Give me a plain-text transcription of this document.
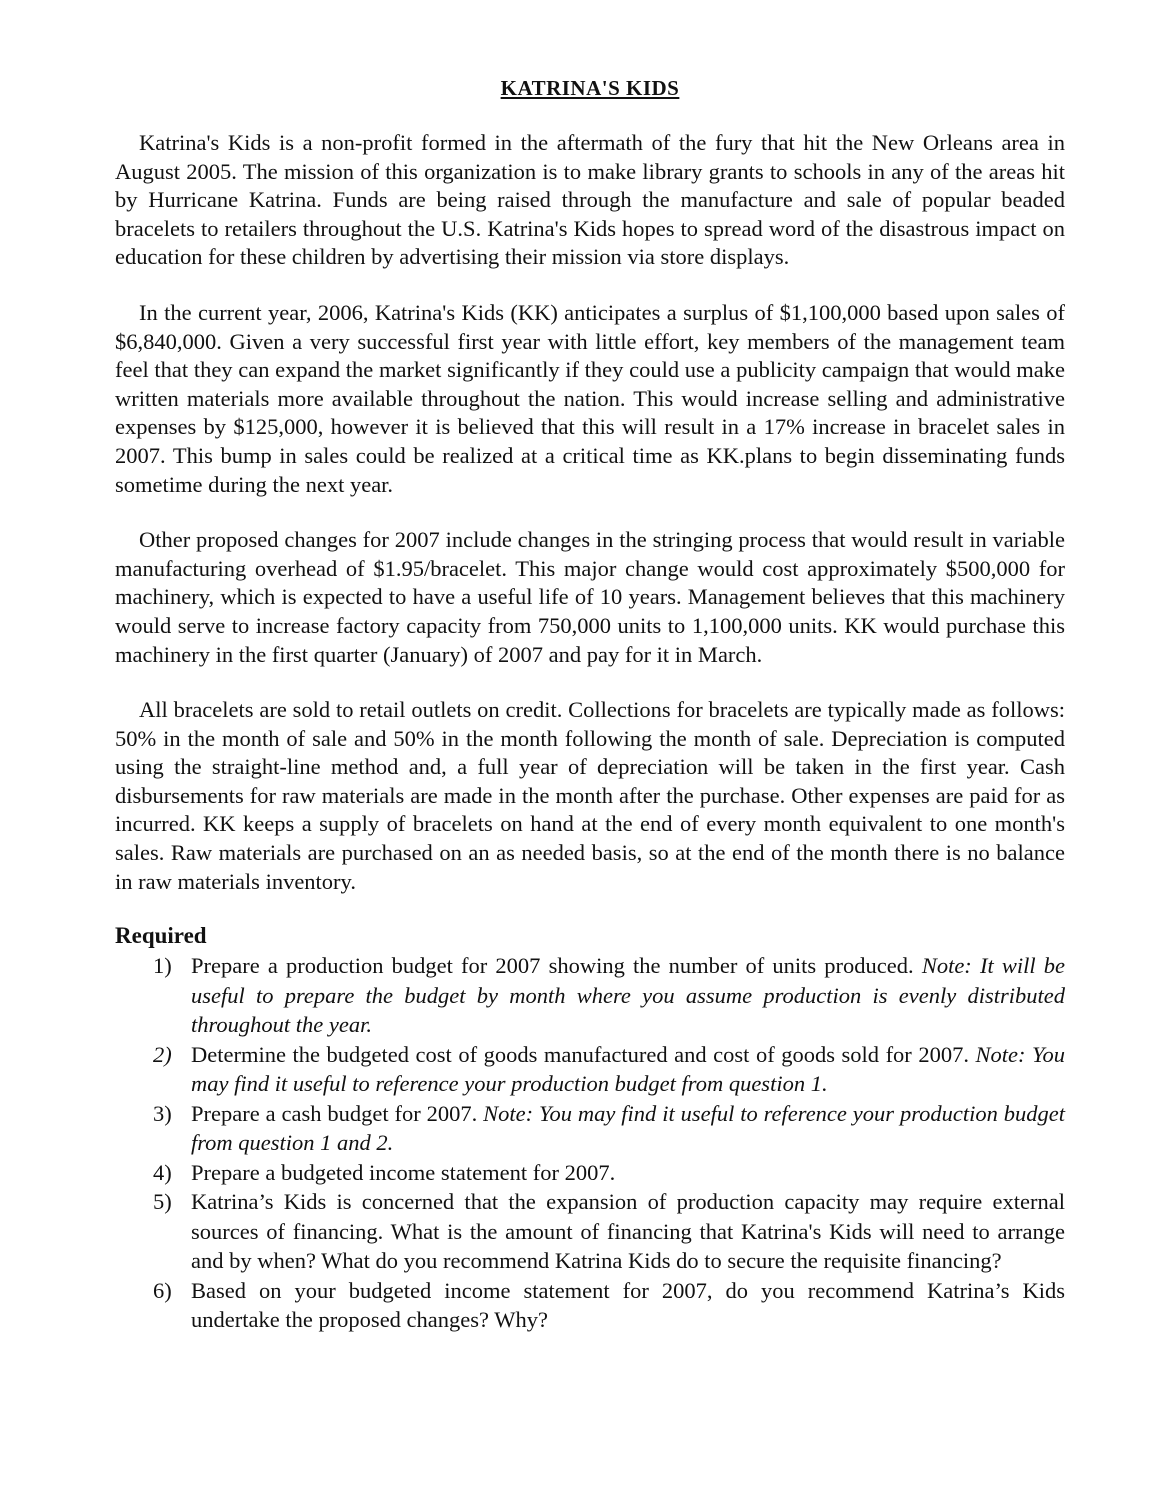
KATRINA'S KIDS

Katrina's Kids is a non-profit formed in the aftermath of the fury that hit the New Orleans area in August 2005. The mission of this organization is to make library grants to schools in any of the areas hit by Hurricane Katrina. Funds are being raised through the manufacture and sale of popular beaded bracelets to retailers throughout the U.S. Katrina's Kids hopes to spread word of the disastrous impact on education for these children by advertising their mission via store displays.

In the current year, 2006, Katrina's Kids (KK) anticipates a surplus of $1,100,000 based upon sales of $6,840,000. Given a very successful first year with little effort, key members of the management team feel that they can expand the market significantly if they could use a publicity campaign that would make written materials more available throughout the nation. This would increase selling and administrative expenses by $125,000, however it is believed that this will result in a 17% increase in bracelet sales in 2007. This bump in sales could be realized at a critical time as KK.plans to begin disseminating funds sometime during the next year.

Other proposed changes for 2007 include changes in the stringing process that would result in variable manufacturing overhead of $1.95/bracelet. This major change would cost approximately $500,000 for machinery, which is expected to have a useful life of 10 years. Management believes that this machinery would serve to increase factory capacity from 750,000 units to 1,100,000 units. KK would purchase this machinery in the first quarter (January) of 2007 and pay for it in March.

All bracelets are sold to retail outlets on credit. Collections for bracelets are typically made as follows: 50% in the month of sale and 50% in the month following the month of sale. Depreciation is computed using the straight-line method and, a full year of depreciation will be taken in the first year. Cash disbursements for raw materials are made in the month after the purchase. Other expenses are paid for as incurred. KK keeps a supply of bracelets on hand at the end of every month equivalent to one month's sales. Raw materials are purchased on an as needed basis, so at the end of the month there is no balance in raw materials inventory.

Required
1) Prepare a production budget for 2007 showing the number of units produced. Note: It will be useful to prepare the budget by month where you assume production is evenly distributed throughout the year.
2) Determine the budgeted cost of goods manufactured and cost of goods sold for 2007. Note: You may find it useful to reference your production budget from question 1.
3) Prepare a cash budget for 2007. Note: You may find it useful to reference your production budget from question 1 and 2.
4) Prepare a budgeted income statement for 2007.
5) Katrina’s Kids is concerned that the expansion of production capacity may require external sources of financing. What is the amount of financing that Katrina's Kids will need to arrange and by when? What do you recommend Katrina Kids do to secure the requisite financing?
6) Based on your budgeted income statement for 2007, do you recommend Katrina’s Kids undertake the proposed changes? Why?
